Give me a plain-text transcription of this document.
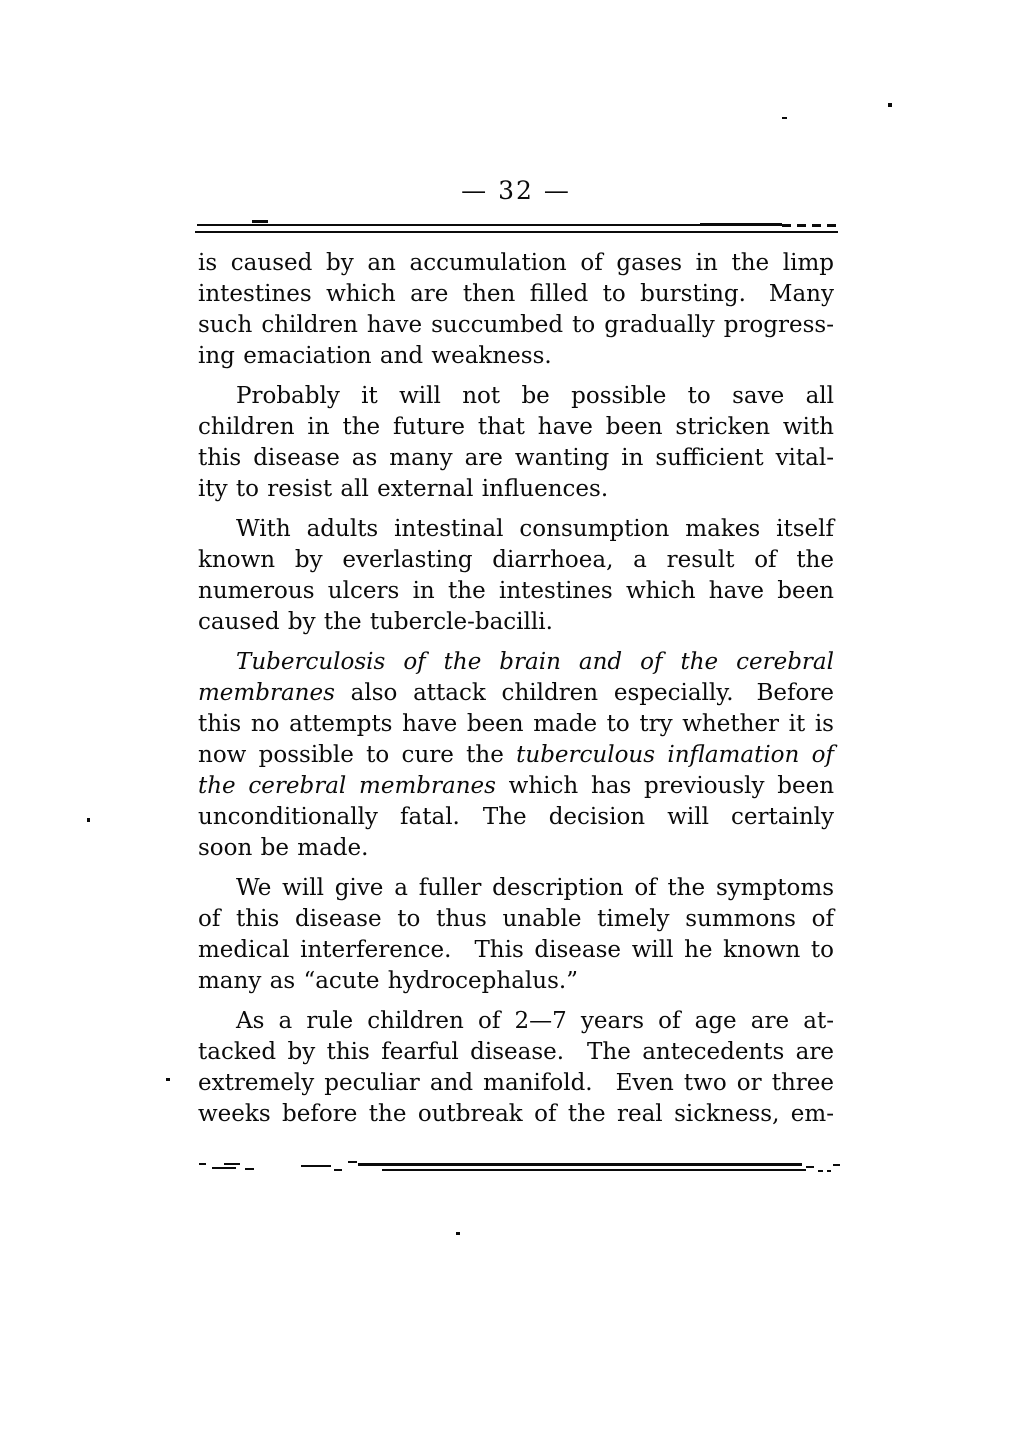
— 32 —
is caused by an accumulation of gases in the limp
intestines which are then filled to bursting. Many
such children have succumbed to gradually progress-
ing emaciation and weakness.
Probably it will not be possible to save all
children in the future that have been stricken with
this disease as many are wanting in sufficient vital-
ity to resist all external influences.
With adults intestinal consumption makes itself
known by everlasting diarrhoea, a result of the
numerous ulcers in the intestines which have been
caused by the tubercle-bacilli.
Tuberculosis of the brain and of the cerebral
membranes also attack children especially. Before
this no attempts have been made to try whether it is
now possible to cure the tuberculous inflamation of
the cerebral membranes which has previously been
unconditionally fatal. The decision will certainly
soon be made.
We will give a fuller description of the symptoms
of this disease to thus unable timely summons of
medical interference. This disease will he known to
many as “acute hydrocephalus.”
As a rule children of 2—7 years of age are at-
tacked by this fearful disease. The antecedents are
extremely peculiar and manifold. Even two or three
weeks before the outbreak of the real sickness, em-
